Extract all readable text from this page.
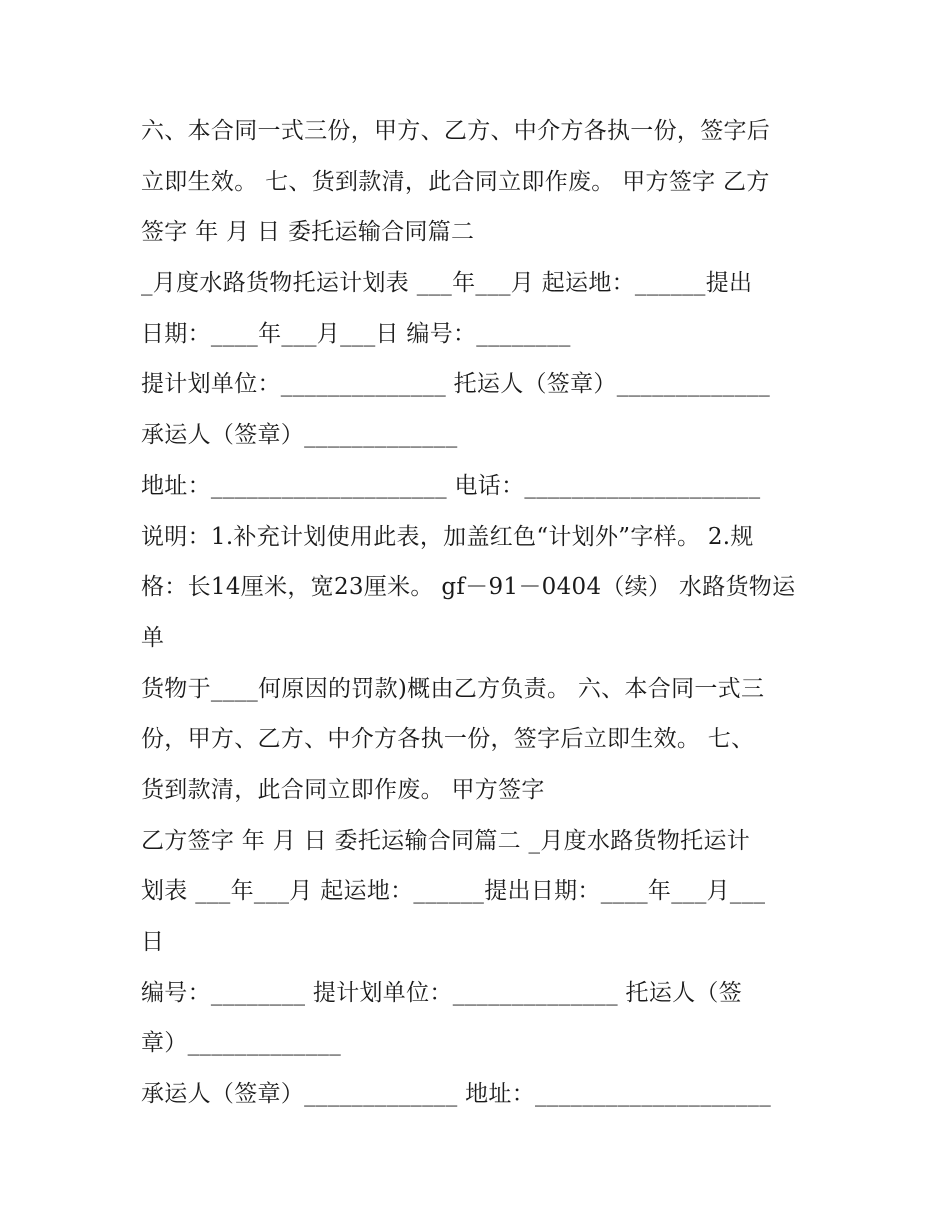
六、本合同一式三份，甲方、乙方、中介方各执一份，签字后
立即生效。 七、货到款清，此合同立即作废。 甲方签字 乙方
签字 年 月 日 委托运输合同篇二
_月度水路货物托运计划表 ___年___月 起运地：______提出
日期：____年___月___日 编号：________
提计划单位：______________ 托运人（签章）_____________
承运人（签章）_____________
地址：____________________ 电话：____________________
说明：1.补充计划使用此表，加盖红色“计划外”字样。 2.规
格：长14厘米，宽23厘米。 gf－91－0404（续） 水路货物运
单
货物于____何原因的罚款)概由乙方负责。 六、本合同一式三
份，甲方、乙方、中介方各执一份，签字后立即生效。 七、
货到款清，此合同立即作废。 甲方签字
乙方签字 年 月 日 委托运输合同篇二 _月度水路货物托运计
划表 ___年___月 起运地：______提出日期：____年___月___
日
编号：________ 提计划单位：______________ 托运人（签
章）_____________
承运人（签章）_____________ 地址：____________________
